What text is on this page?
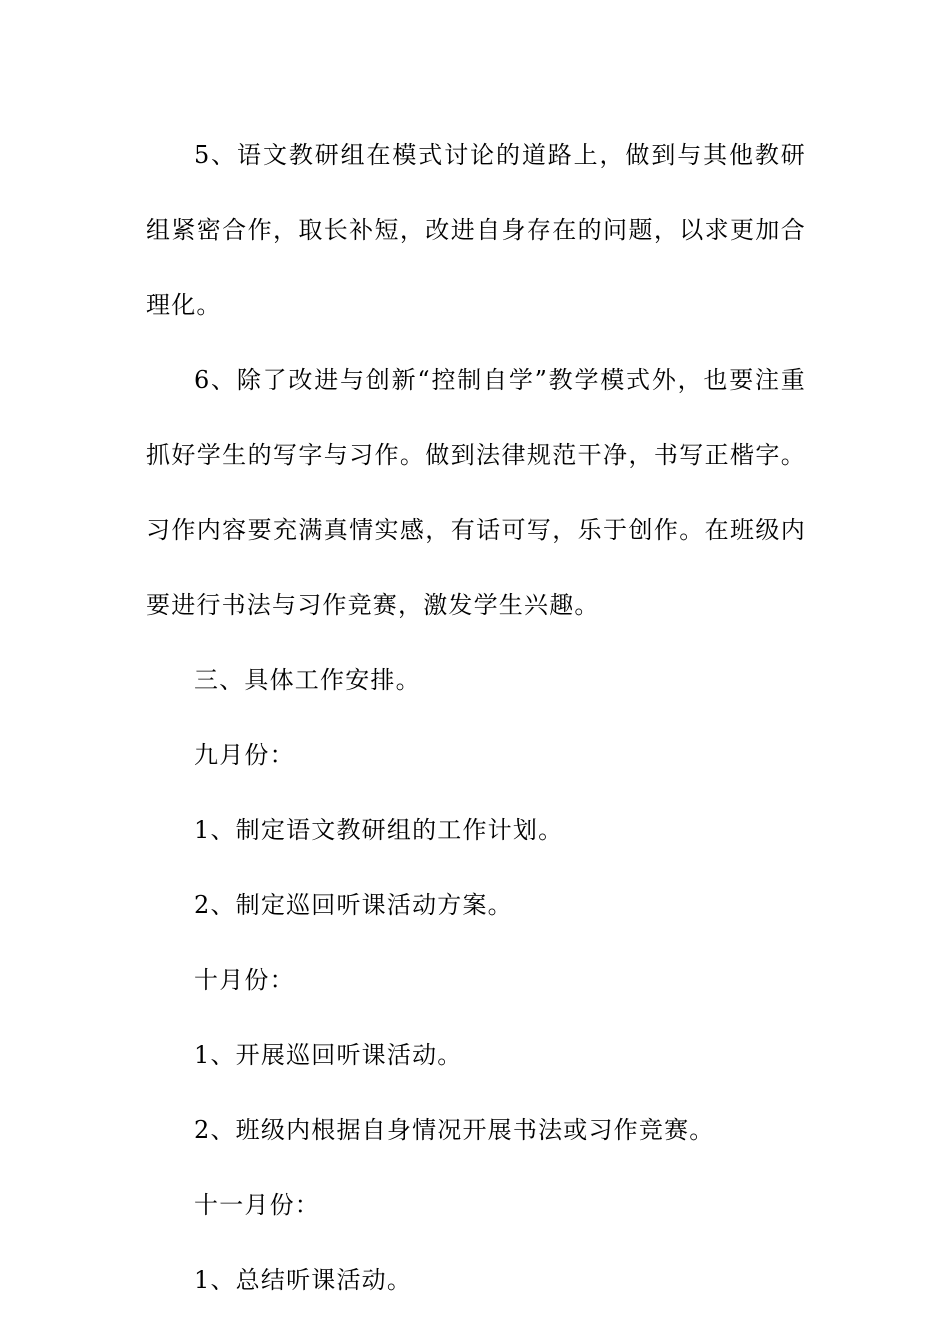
5、语文教研组在模式讨论的道路上，做到与其他教研组紧密合作，取长补短，改进自身存在的问题，以求更加合理化。

6、除了改进与创新“控制自学”教学模式外，也要注重抓好学生的写字与习作。做到法律规范干净，书写正楷字。习作内容要充满真情实感，有话可写，乐于创作。在班级内要进行书法与习作竞赛，激发学生兴趣。

三、具体工作安排。

九月份：

1、制定语文教研组的工作计划。

2、制定巡回听课活动方案。

十月份：

1、开展巡回听课活动。

2、班级内根据自身情况开展书法或习作竞赛。

十一月份：

1、总结听课活动。
